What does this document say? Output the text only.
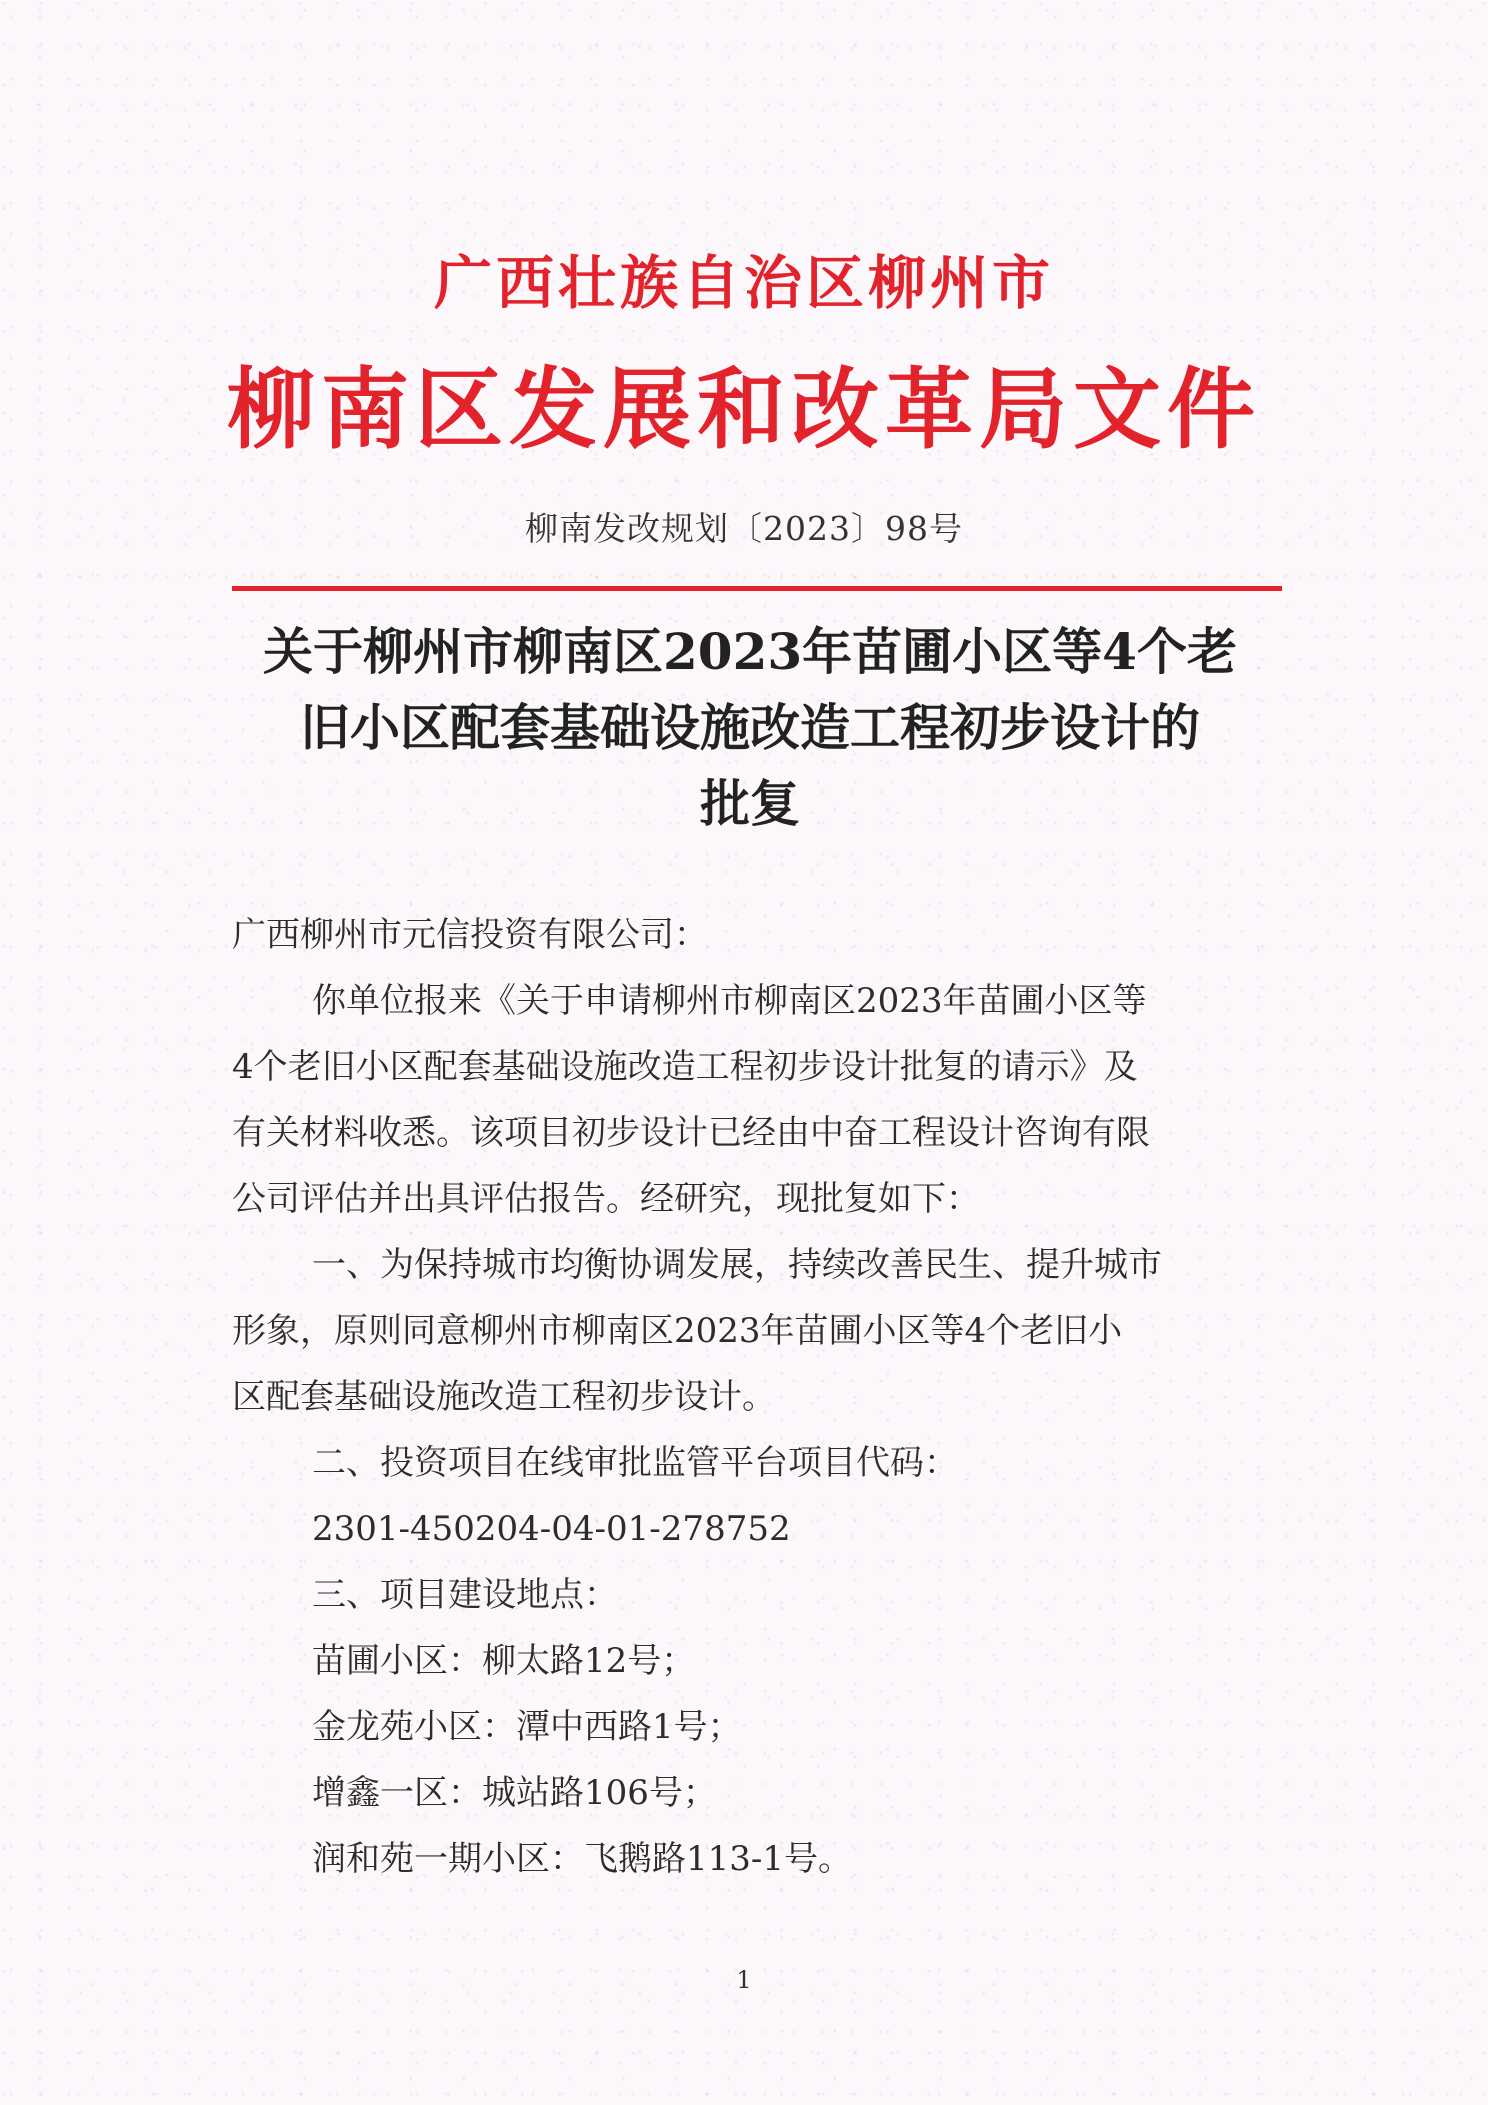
广西壮族自治区柳州市
柳南区发展和改革局文件
柳南发改规划〔2023〕98号
关于柳州市柳南区2023年苗圃小区等4个老
旧小区配套基础设施改造工程初步设计的
批复
广西柳州市元信投资有限公司：
你单位报来《关于申请柳州市柳南区2023年苗圃小区等
4个老旧小区配套基础设施改造工程初步设计批复的请示》及
有关材料收悉。该项目初步设计已经由中奋工程设计咨询有限
公司评估并出具评估报告。经研究，现批复如下：
一、为保持城市均衡协调发展，持续改善民生、提升城市
形象，原则同意柳州市柳南区2023年苗圃小区等4个老旧小
区配套基础设施改造工程初步设计。
二、投资项目在线审批监管平台项目代码：
2301-450204-04-01-278752
三、项目建设地点：
苗圃小区：柳太路12号；
金龙苑小区：潭中西路1号；
增鑫一区：城站路106号；
润和苑一期小区：飞鹅路113-1号。
1
